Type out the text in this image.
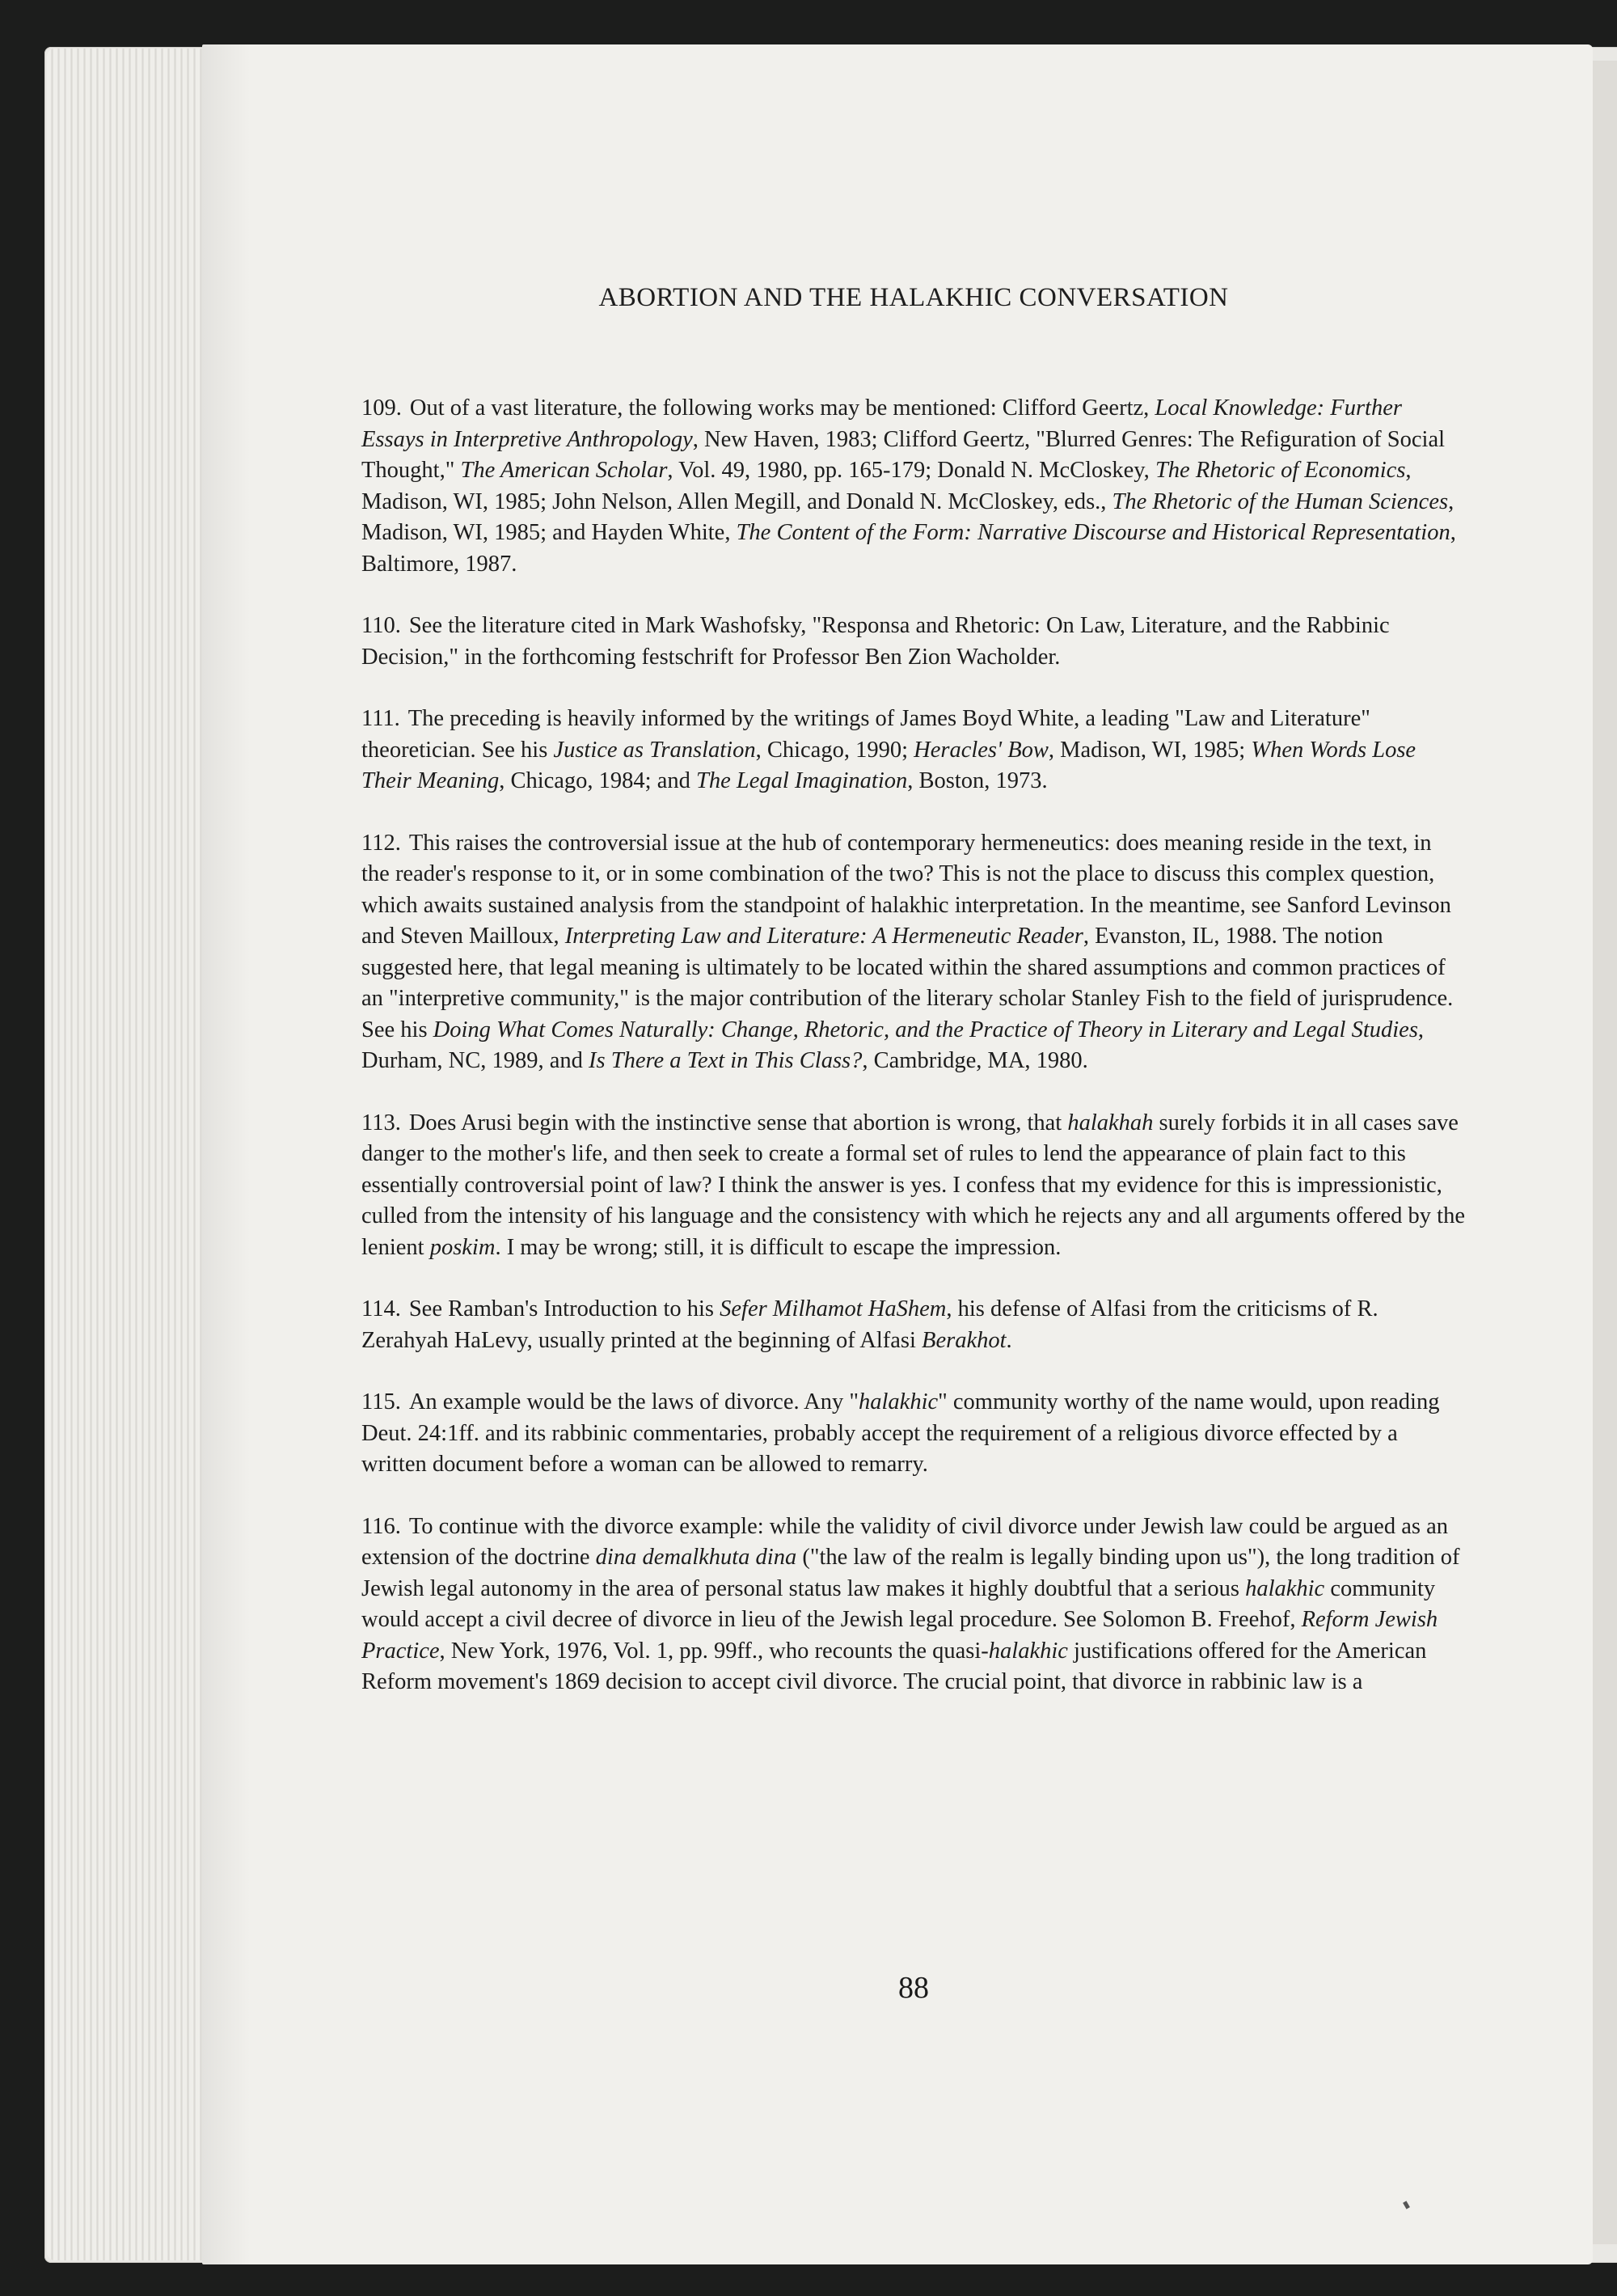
ABORTION AND THE HALAKHIC CONVERSATION

109. Out of a vast literature, the following works may be mentioned: Clifford Geertz, Local Knowledge: Further Essays in Interpretive Anthropology, New Haven, 1983; Clifford Geertz, "Blurred Genres: The Refiguration of Social Thought," The American Scholar, Vol. 49, 1980, pp. 165-179; Donald N. McCloskey, The Rhetoric of Economics, Madison, WI, 1985; John Nelson, Allen Megill, and Donald N. McCloskey, eds., The Rhetoric of the Human Sciences, Madison, WI, 1985; and Hayden White, The Content of the Form: Narrative Discourse and Historical Representation, Baltimore, 1987.

110. See the literature cited in Mark Washofsky, "Responsa and Rhetoric: On Law, Literature, and the Rabbinic Decision," in the forthcoming festschrift for Professor Ben Zion Wacholder.

111. The preceding is heavily informed by the writings of James Boyd White, a leading "Law and Literature" theoretician. See his Justice as Translation, Chicago, 1990; Heracles' Bow, Madison, WI, 1985; When Words Lose Their Meaning, Chicago, 1984; and The Legal Imagination, Boston, 1973.

112. This raises the controversial issue at the hub of contemporary hermeneutics: does meaning reside in the text, in the reader's response to it, or in some combination of the two? This is not the place to discuss this complex question, which awaits sustained analysis from the standpoint of halakhic interpretation. In the meantime, see Sanford Levinson and Steven Mailloux, Interpreting Law and Literature: A Hermeneutic Reader, Evanston, IL, 1988. The notion suggested here, that legal meaning is ultimately to be located within the shared assumptions and common practices of an "interpretive community," is the major contribution of the literary scholar Stanley Fish to the field of jurisprudence. See his Doing What Comes Naturally: Change, Rhetoric, and the Practice of Theory in Literary and Legal Studies, Durham, NC, 1989, and Is There a Text in This Class?, Cambridge, MA, 1980.

113. Does Arusi begin with the instinctive sense that abortion is wrong, that halakhah surely forbids it in all cases save danger to the mother's life, and then seek to create a formal set of rules to lend the appearance of plain fact to this essentially controversial point of law? I think the answer is yes. I confess that my evidence for this is impressionistic, culled from the intensity of his language and the consistency with which he rejects any and all arguments offered by the lenient poskim. I may be wrong; still, it is difficult to escape the impression.

114. See Ramban's Introduction to his Sefer Milhamot HaShem, his defense of Alfasi from the criticisms of R. Zerahyah HaLevy, usually printed at the beginning of Alfasi Berakhot.

115. An example would be the laws of divorce. Any "halakhic" community worthy of the name would, upon reading Deut. 24:1ff. and its rabbinic commentaries, probably accept the requirement of a religious divorce effected by a written document before a woman can be allowed to remarry.

116. To continue with the divorce example: while the validity of civil divorce under Jewish law could be argued as an extension of the doctrine dina demalkhuta dina ("the law of the realm is legally binding upon us"), the long tradition of Jewish legal autonomy in the area of personal status law makes it highly doubtful that a serious halakhic community would accept a civil decree of divorce in lieu of the Jewish legal procedure. See Solomon B. Freehof, Reform Jewish Practice, New York, 1976, Vol. 1, pp. 99ff., who recounts the quasi-halakhic justifications offered for the American Reform movement's 1869 decision to accept civil divorce. The crucial point, that divorce in rabbinic law is a

88
